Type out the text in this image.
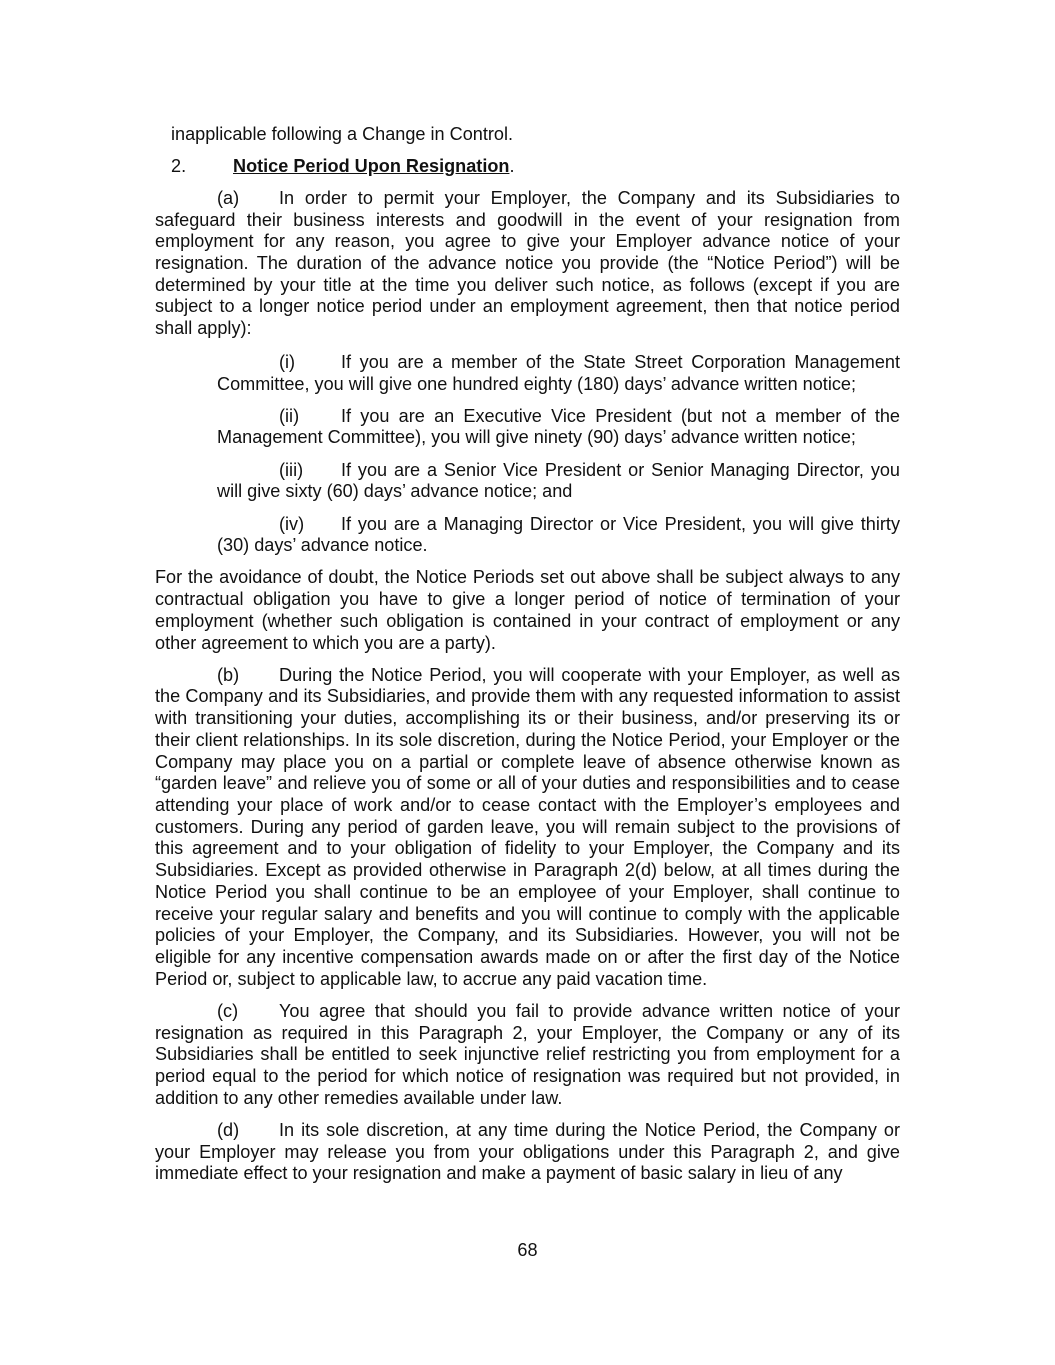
inapplicable following a Change in Control.

2.	Notice Period Upon Resignation.

(a) In order to permit your Employer, the Company and its Subsidiaries to safeguard their business interests and goodwill in the event of your resignation from employment for any reason, you agree to give your Employer advance notice of your resignation. The duration of the advance notice you provide (the “Notice Period”) will be determined by your title at the time you deliver such notice, as follows (except if you are subject to a longer notice period under an employment agreement, then that notice period shall apply):

(i)	If you are a member of the State Street Corporation Management Committee, you will give one hundred eighty (180) days’ advance written notice;

(ii) If you are an Executive Vice President (but not a member of the Management Committee), you will give ninety (90) days’ advance written notice;

(iii) If you are a Senior Vice President or Senior Managing Director, you will give sixty (60) days’ advance notice; and

(iv) If you are a Managing Director or Vice President, you will give thirty (30) days’ advance notice.

For the avoidance of doubt, the Notice Periods set out above shall be subject always to any contractual obligation you have to give a longer period of notice of termination of your employment (whether such obligation is contained in your contract of employment or any other agreement to which you are a party).

(b) During the Notice Period, you will cooperate with your Employer, as well as the Company and its Subsidiaries, and provide them with any requested information to assist with transitioning your duties, accomplishing its or their business, and/or preserving its or their client relationships. In its sole discretion, during the Notice Period, your Employer or the Company may place you on a partial or complete leave of absence otherwise known as “garden leave” and relieve you of some or all of your duties and responsibilities and to cease attending your place of work and/or to cease contact with the Employer’s employees and customers. During any period of garden leave, you will remain subject to the provisions of this agreement and to your obligation of fidelity to your Employer, the Company and its Subsidiaries. Except as provided otherwise in Paragraph 2(d) below, at all times during the Notice Period you shall continue to be an employee of your Employer, shall continue to receive your regular salary and benefits and you will continue to comply with the applicable policies of your Employer, the Company, and its Subsidiaries. However, you will not be eligible for any incentive compensation awards made on or after the first day of the Notice Period or, subject to applicable law, to accrue any paid vacation time.

(c) You agree that should you fail to provide advance written notice of your resignation as required in this Paragraph 2, your Employer, the Company or any of its Subsidiaries shall be entitled to seek injunctive relief restricting you from employment for a period equal to the period for which notice of resignation was required but not provided, in addition to any other remedies available under law.

(d) In its sole discretion, at any time during the Notice Period, the Company or your Employer may release you from your obligations under this Paragraph 2, and give immediate effect to your resignation and make a payment of basic salary in lieu of any

68
